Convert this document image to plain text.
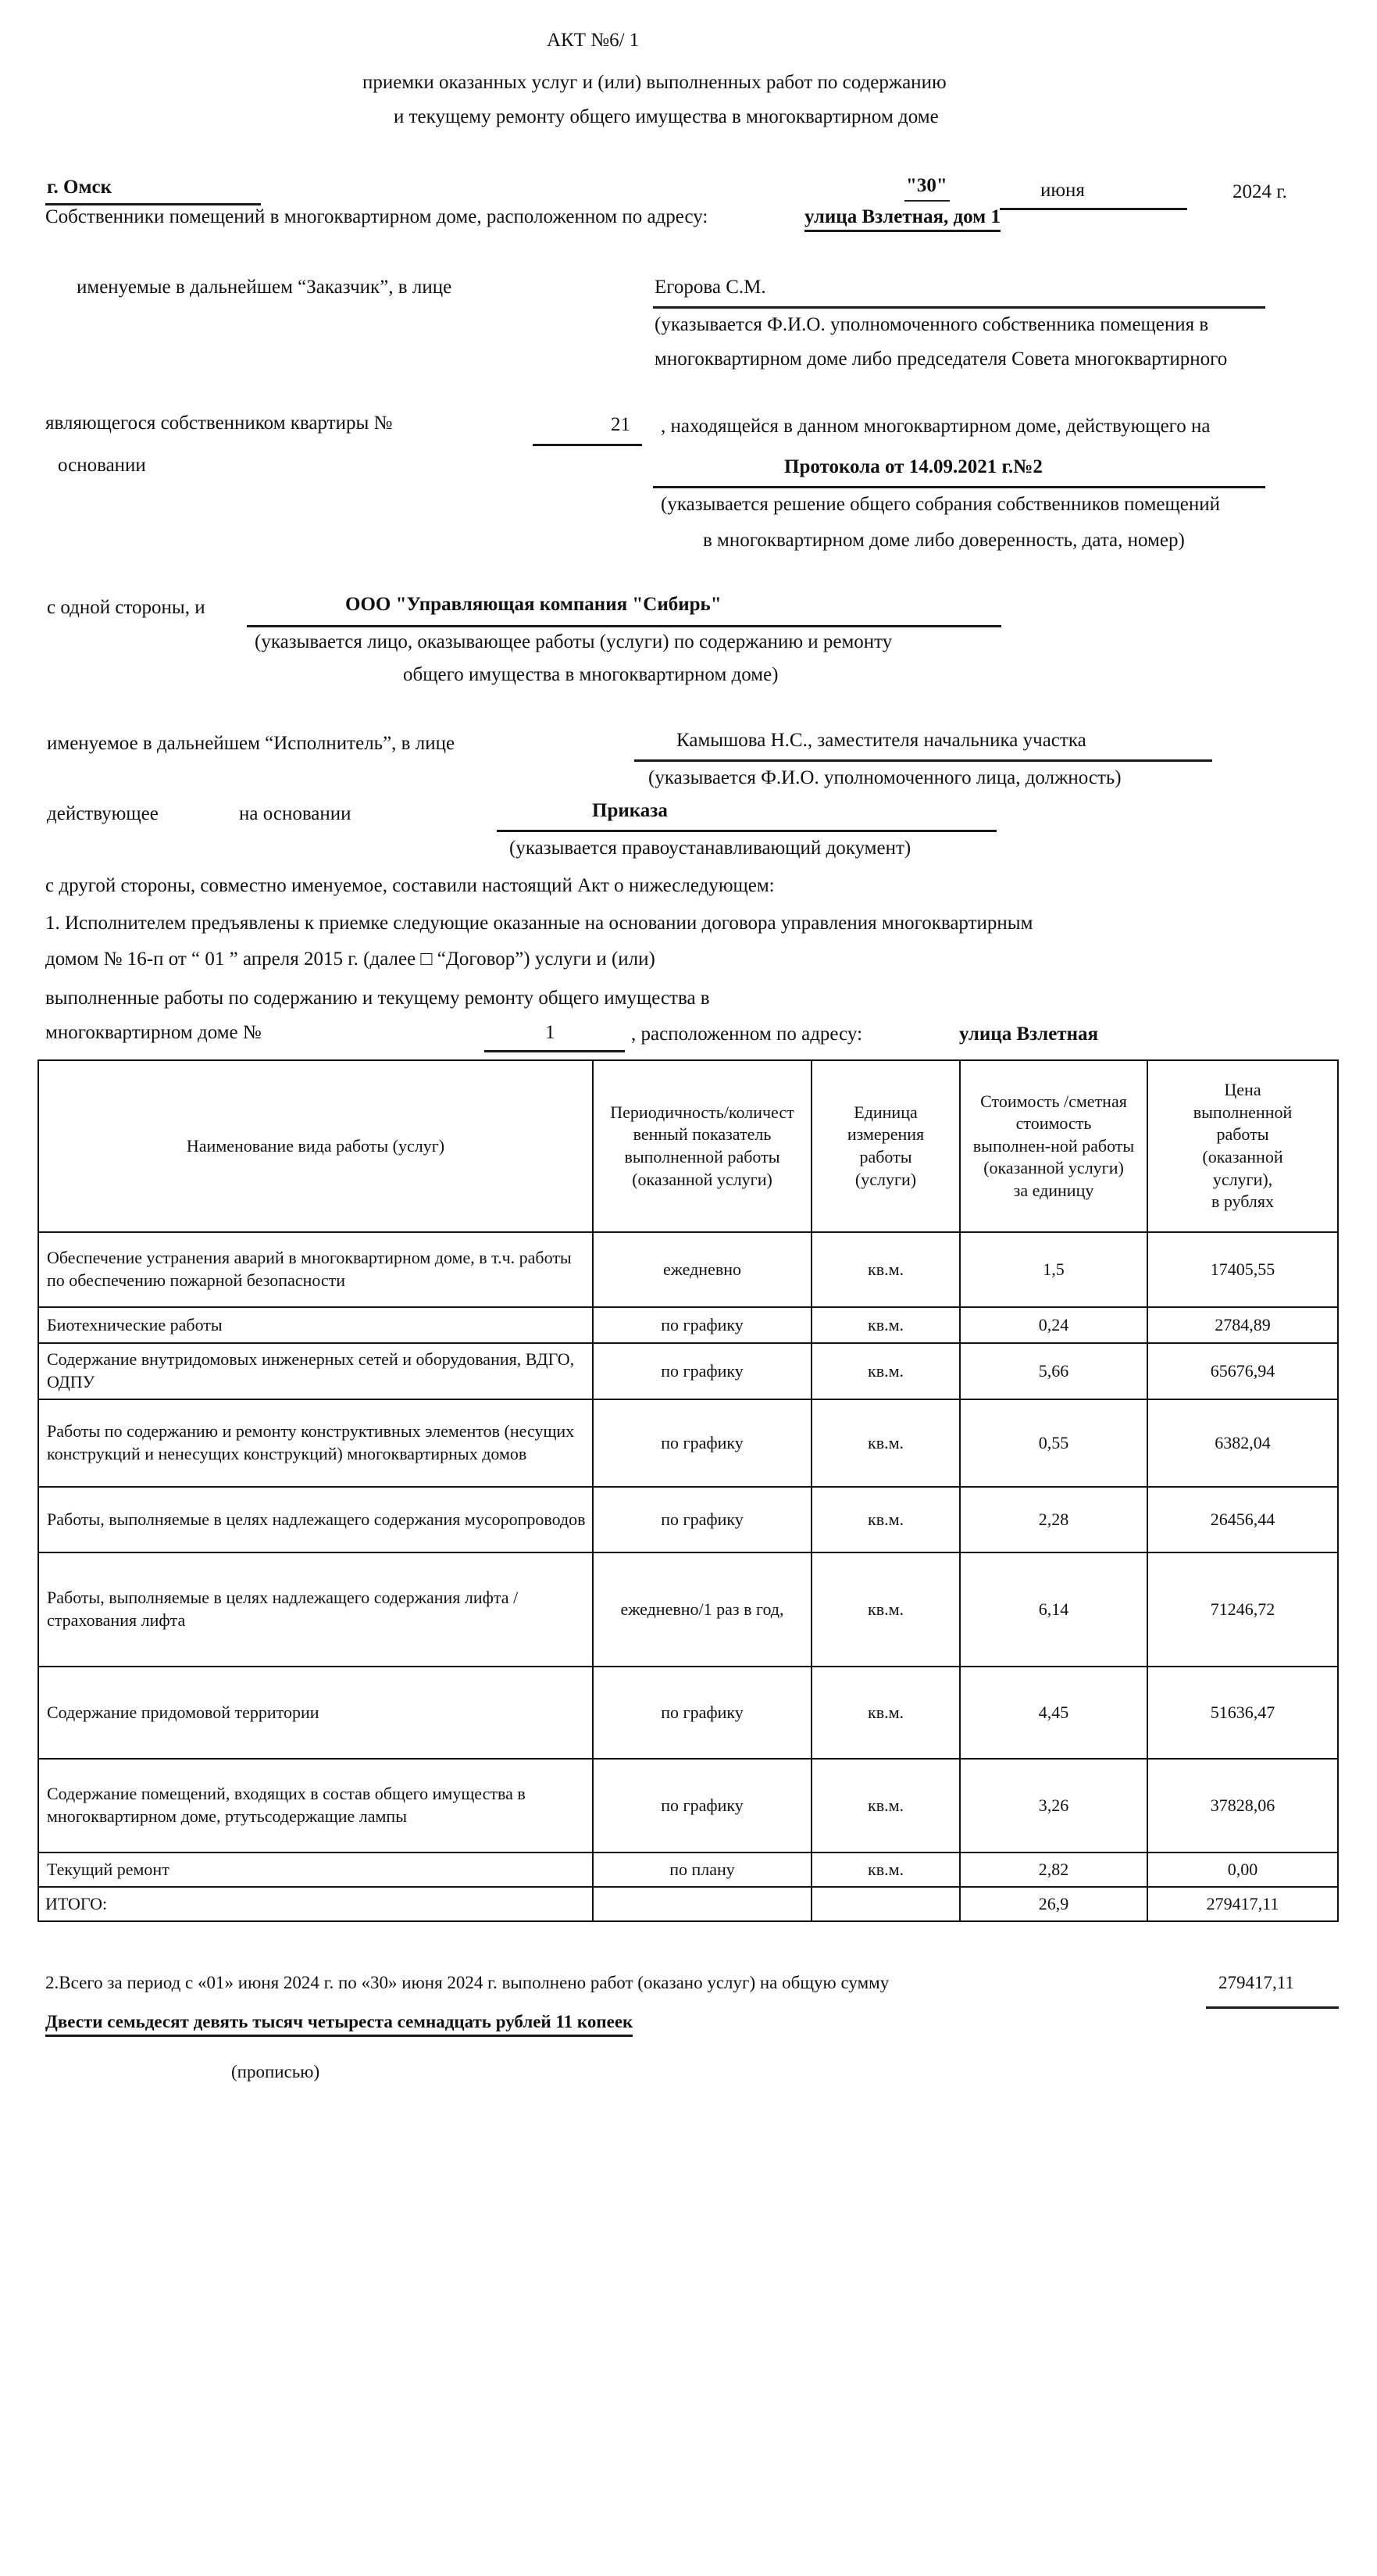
АКТ №6/ 1
приемки оказанных услуг и (или) выполненных работ по содержанию
и текущему ремонту общего имущества в многоквартирном доме
г. Омск	"30"	июня	2024 г.
Собственники помещений в многоквартирном доме, расположенном по адресу:	улица Взлетная, дом 1
именуемые в дальнейшем “Заказчик”, в лице	Егорова С.М.
(указывается Ф.И.О. уполномоченного собственника помещения в
многоквартирном доме либо председателя Совета многоквартирного
являющегося собственником квартиры №	21 , находящейся в данном многоквартирном доме, действующего на
основании	Протокола от 14.09.2021 г.№2
(указывается решение общего собрания собственников помещений
в многоквартирном доме либо доверенность, дата, номер)
с одной стороны, и	ООО "Управляющая компания "Сибирь"
(указывается лицо, оказывающее работы (услуги) по содержанию и ремонту
общего имущества в многоквартирном доме)
именуемое в дальнейшем “Исполнитель”, в лице	Камышова Н.С., заместителя начальника участка
(указывается Ф.И.О. уполномоченного лица, должность)
действующее	на основании	Приказа
(указывается правоустанавливающий документ)
с другой стороны, совместно именуемое, составили настоящий Акт о нижеследующем:
1. Исполнителем предъявлены к приемке следующие оказанные на основании договора управления многоквартирным
домом № 16-п от “ 01 ” апреля 2015 г. (далее □ “Договор”) услуги и (или)
выполненные работы по содержанию и текущему ремонту общего имущества в
многоквартирном доме №	1	, расположенном по адресу:	улица Взлетная
Наименование вида работы (услуг)

Периодичность/количест
венный показатель
выполненной работы
(оказанной услуги)

Единица
измерения
работы
(услуги)

Стоимость /сметная
стоимость
выполнен-ной работы
(оказанной услуги)
за единицу

Цена
выполненной
работы
(оказанной
услуги),
в рублях

Обеспечение устранения аварий в многоквартирном доме, в т.ч. работы по обеспечению пожарной безопасности	ежедневно	кв.м.	1,5	17405,55
Биотехнические работы	по графику	кв.м.	0,24	2784,89
Содержание внутридомовых инженерных сетей и оборудования, ВДГО, ОДПУ	по графику	кв.м.	5,66	65676,94
Работы по содержанию и ремонту конструктивных элементов (несущих конструкций и ненесущих конструкций) многоквартирных домов	по графику	кв.м.	0,55	6382,04
Работы, выполняемые в целях надлежащего содержания мусоропроводов	по графику	кв.м.	2,28	26456,44
Работы, выполняемые в целях надлежащего содержания лифта / страхования лифта	ежедневно/1 раз в год,	кв.м.	6,14	71246,72
Содержание придомовой территории	по графику	кв.м.	4,45	51636,47
Содержание помещений, входящих в состав общего имущества в многоквартирном доме, ртутьсодержащие лампы	по графику	кв.м.	3,26	37828,06
Текущий ремонт	по плану	кв.м.	2,82	0,00
ИТОГО:			26,9	279417,11
2.Всего за период с «01» июня 2024 г. по «30» июня 2024 г. выполнено работ (оказано услуг) на общую сумму	279417,11
Двести семьдесят девять тысяч четыреста семнадцать рублей 11 копеек
(прописью)
